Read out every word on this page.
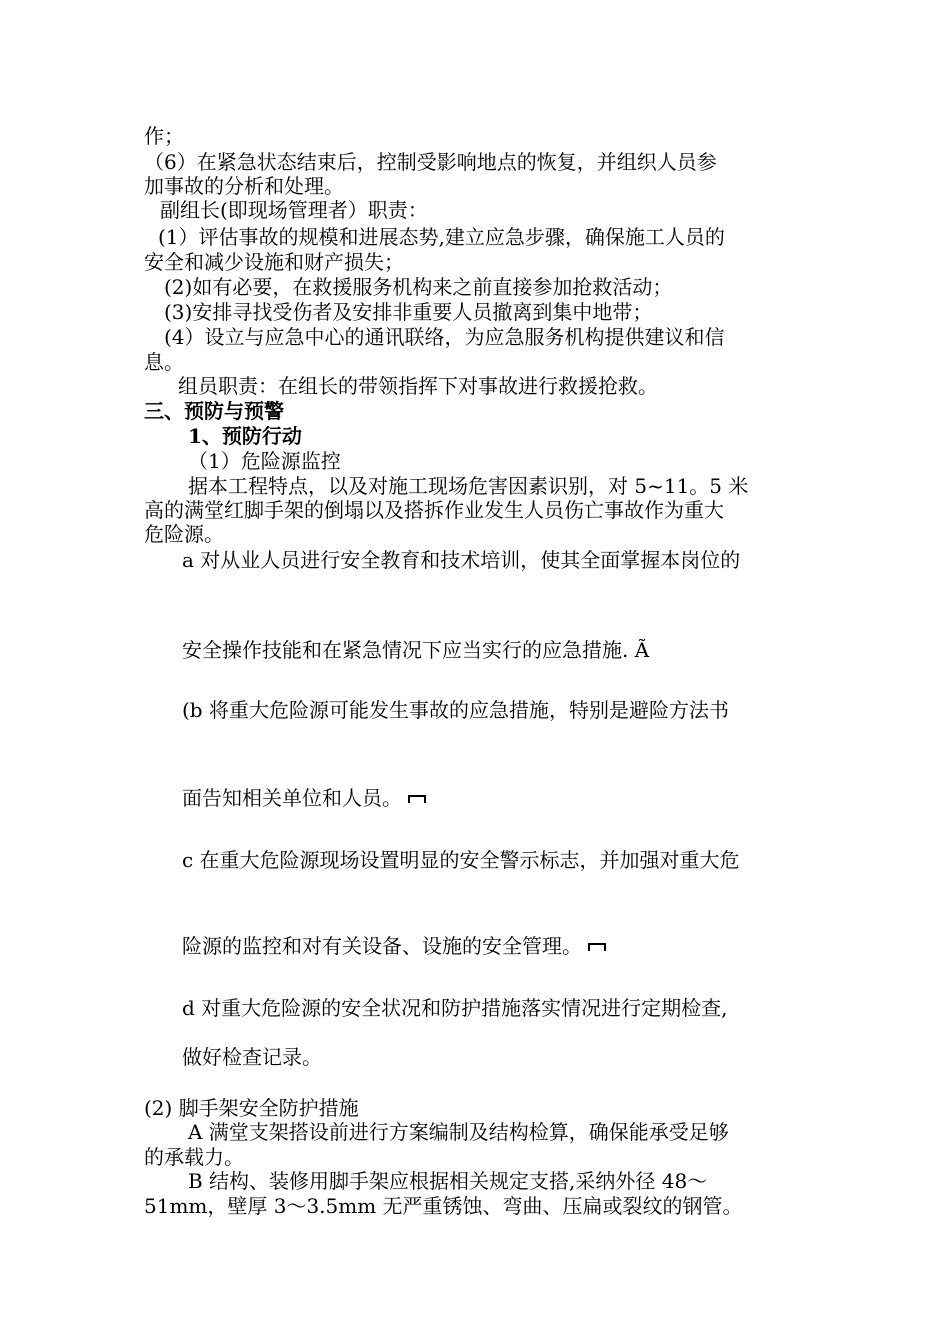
作；

（6）在紧急状态结束后，控制受影响地点的恢复，并组织人员参

加事故的分析和处理。

副组长(即现场管理者）职责：

(1）评估事故的规模和进展态势,建立应急步骤，确保施工人员的

安全和减少设施和财产损失；

(2)如有必要，在救援服务机构来之前直接参加抢救活动；

(3)安排寻找受伤者及安排非重要人员撤离到集中地带；

(4）设立与应急中心的通讯联络，为应急服务机构提供建议和信

息。

组员职责：在组长的带领指挥下对事故进行救援抢救。

三、预防与预警

1、预防行动

（1）危险源监控

据本工程特点，以及对施工现场危害因素识别，对 5~11。5 米

高的满堂红脚手架的倒塌以及搭拆作业发生人员伤亡事故作为重大

危险源。

a 对从业人员进行安全教育和技术培训，使其全面掌握本岗位的

安全操作技能和在紧急情况下应当实行的应急措施. Ã

(b 将重大危险源可能发生事故的应急措施，特别是避险方法书

面告知相关单位和人员。

c 在重大危险源现场设置明显的安全警示标志，并加强对重大危

险源的监控和对有关设备、设施的安全管理。

d 对重大危险源的安全状况和防护措施落实情况进行定期检查,

做好检查记录。

(2) 脚手架安全防护措施

A 满堂支架搭设前进行方案编制及结构检算，确保能承受足够

的承载力。

B 结构、装修用脚手架应根据相关规定支搭,采纳外径 48～

51mm，壁厚 3～3.5mm 无严重锈蚀、弯曲、压扁或裂纹的钢管。
